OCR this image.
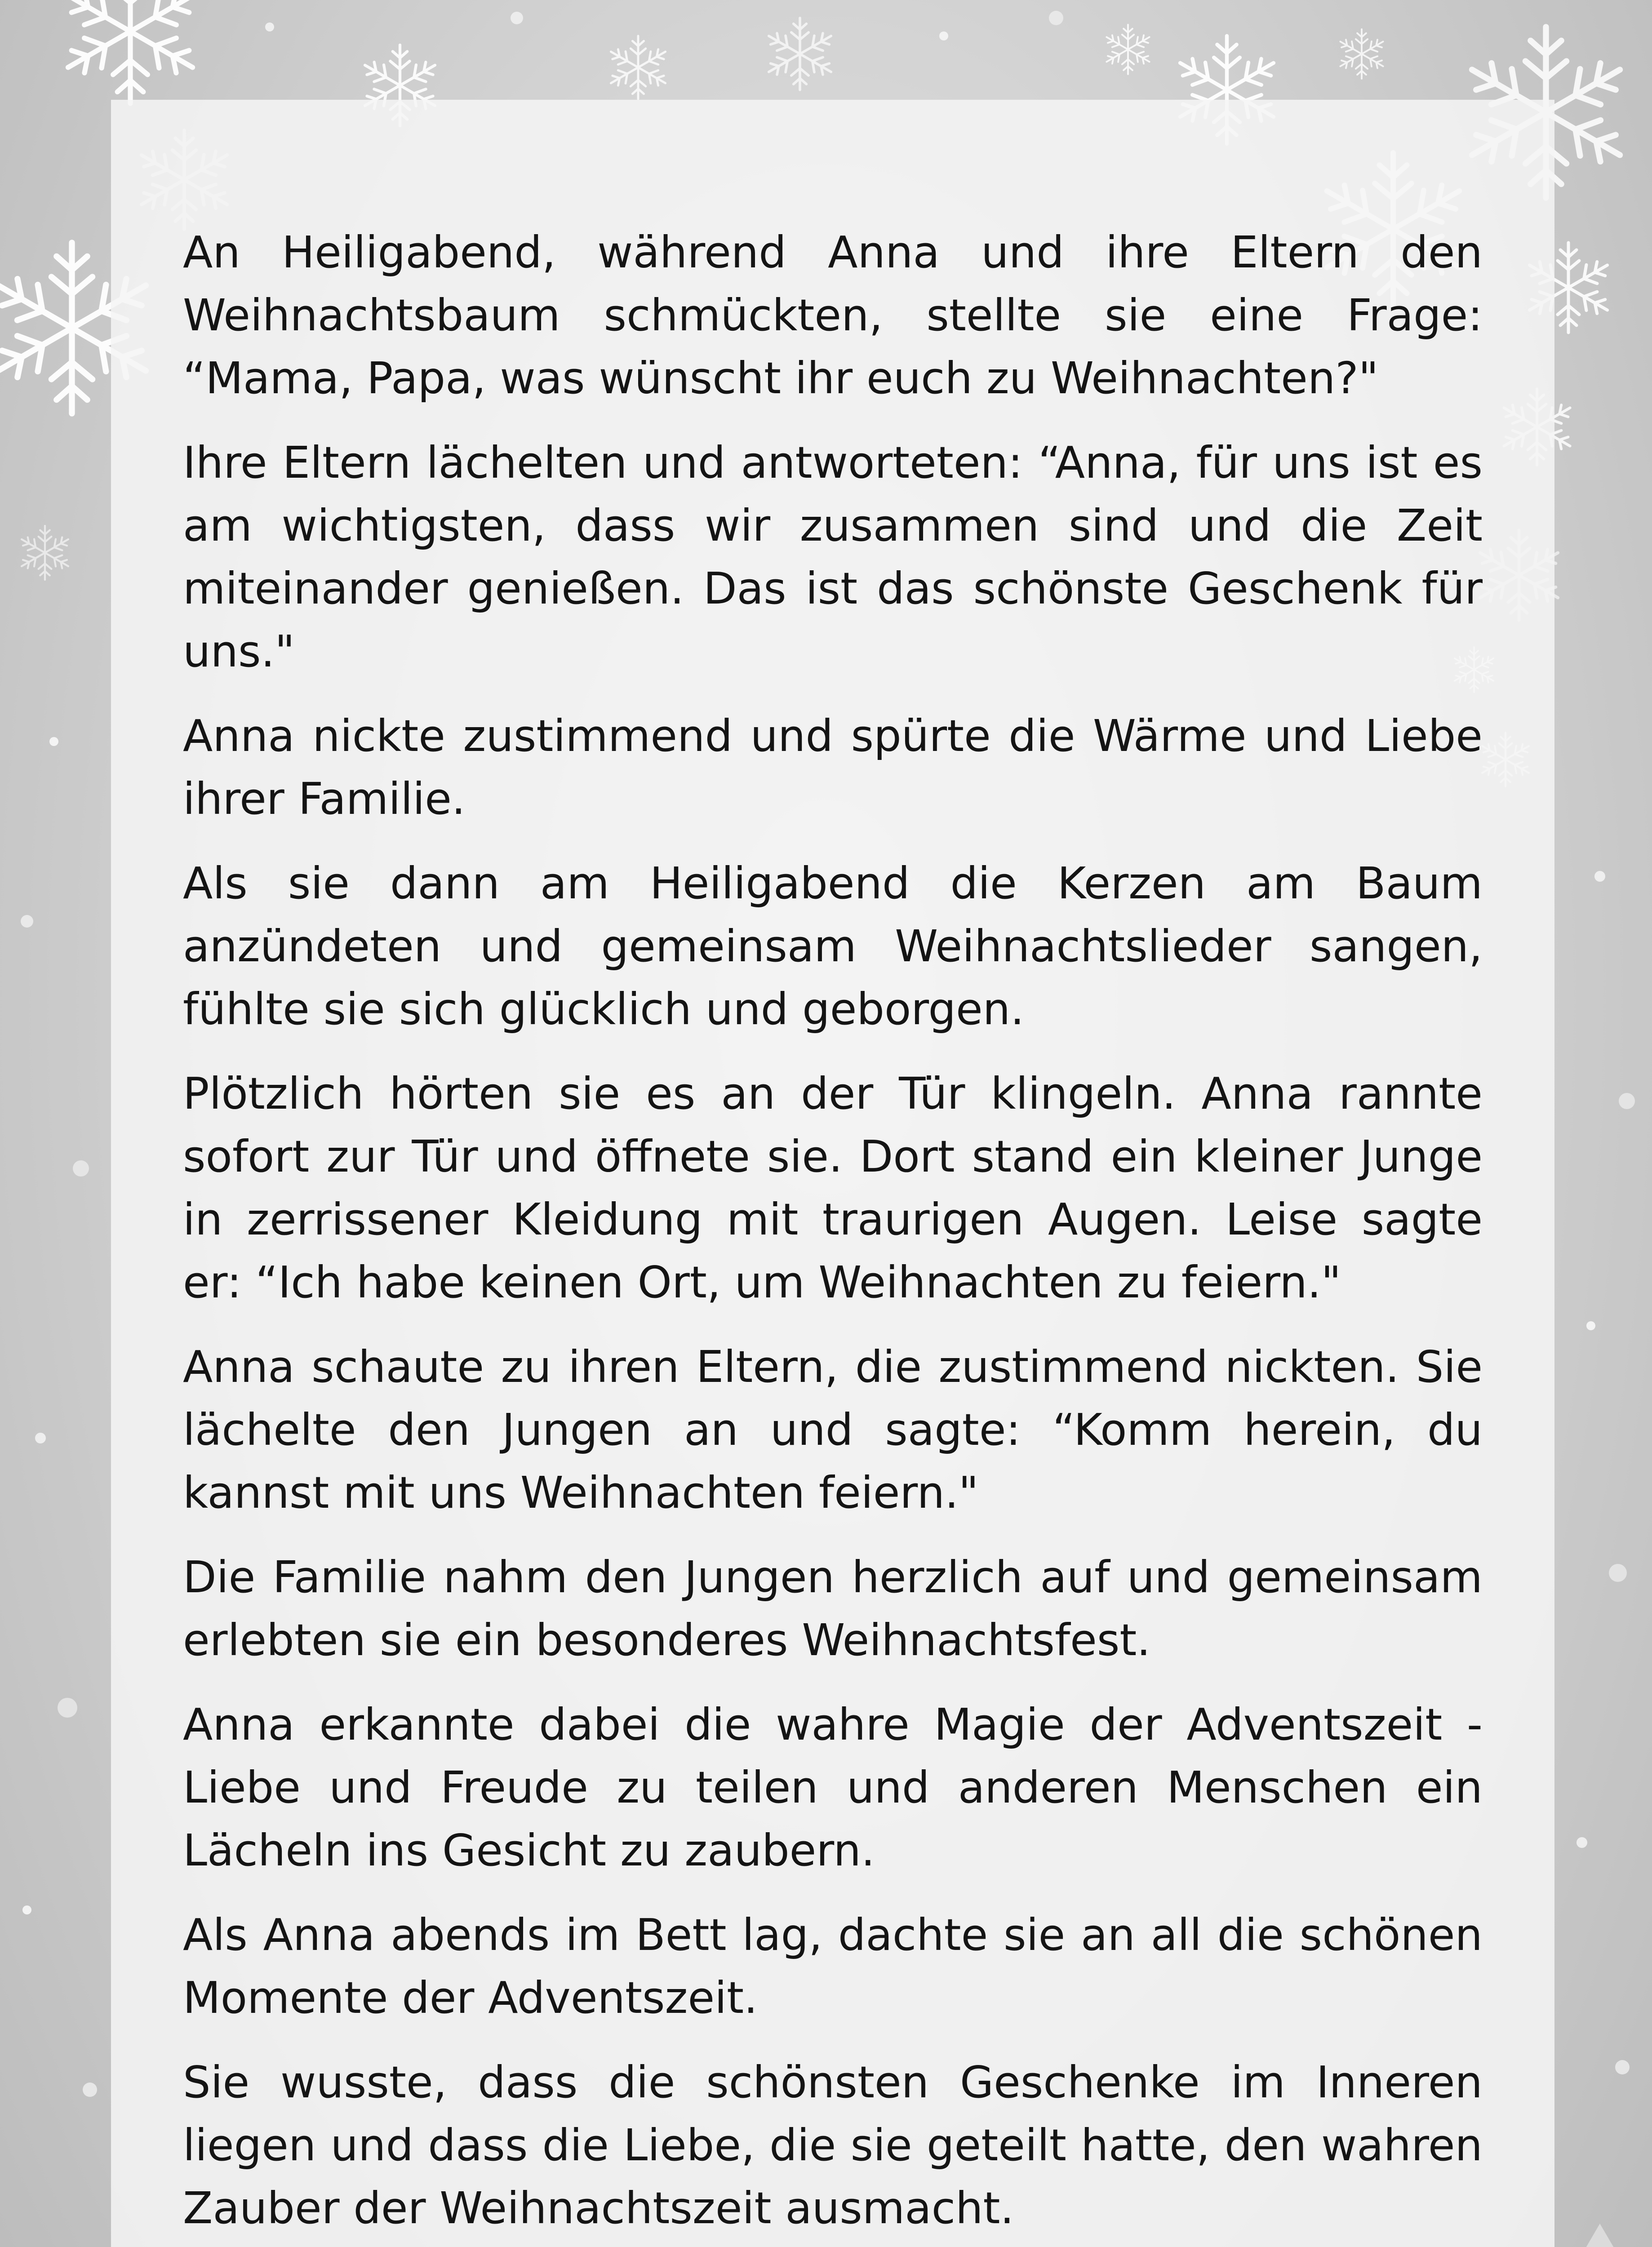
An Heiligabend, während Anna und ihre Eltern den Weihnachtsbaum schmückten, stellte sie eine Frage: “Mama, Papa, was wünscht ihr euch zu Weihnachten?"

Ihre Eltern lächelten und antworteten: “Anna, für uns ist es am wichtigsten, dass wir zusammen sind und die Zeit miteinander genießen. Das ist das schönste Geschenk für uns."

Anna nickte zustimmend und spürte die Wärme und Liebe ihrer Familie.

Als sie dann am Heiligabend die Kerzen am Baum anzündeten und gemeinsam Weihnachtslieder sangen, fühlte sie sich glücklich und geborgen.

Plötzlich hörten sie es an der Tür klingeln. Anna rannte sofort zur Tür und öffnete sie. Dort stand ein kleiner Junge in zerrissener Kleidung mit traurigen Augen. Leise sagte er: “Ich habe keinen Ort, um Weihnachten zu feiern."

Anna schaute zu ihren Eltern, die zustimmend nickten. Sie lächelte den Jungen an und sagte: “Komm herein, du kannst mit uns Weihnachten feiern."

Die Familie nahm den Jungen herzlich auf und gemeinsam erlebten sie ein besonderes Weihnachtsfest.

Anna erkannte dabei die wahre Magie der Adventszeit - Liebe und Freude zu teilen und anderen Menschen ein Lächeln ins Gesicht zu zaubern.

Als Anna abends im Bett lag, dachte sie an all die schönen Momente der Adventszeit.

Sie wusste, dass die schönsten Geschenke im Inneren liegen und dass die Liebe, die sie geteilt hatte, den wahren Zauber der Weihnachtszeit ausmacht.
